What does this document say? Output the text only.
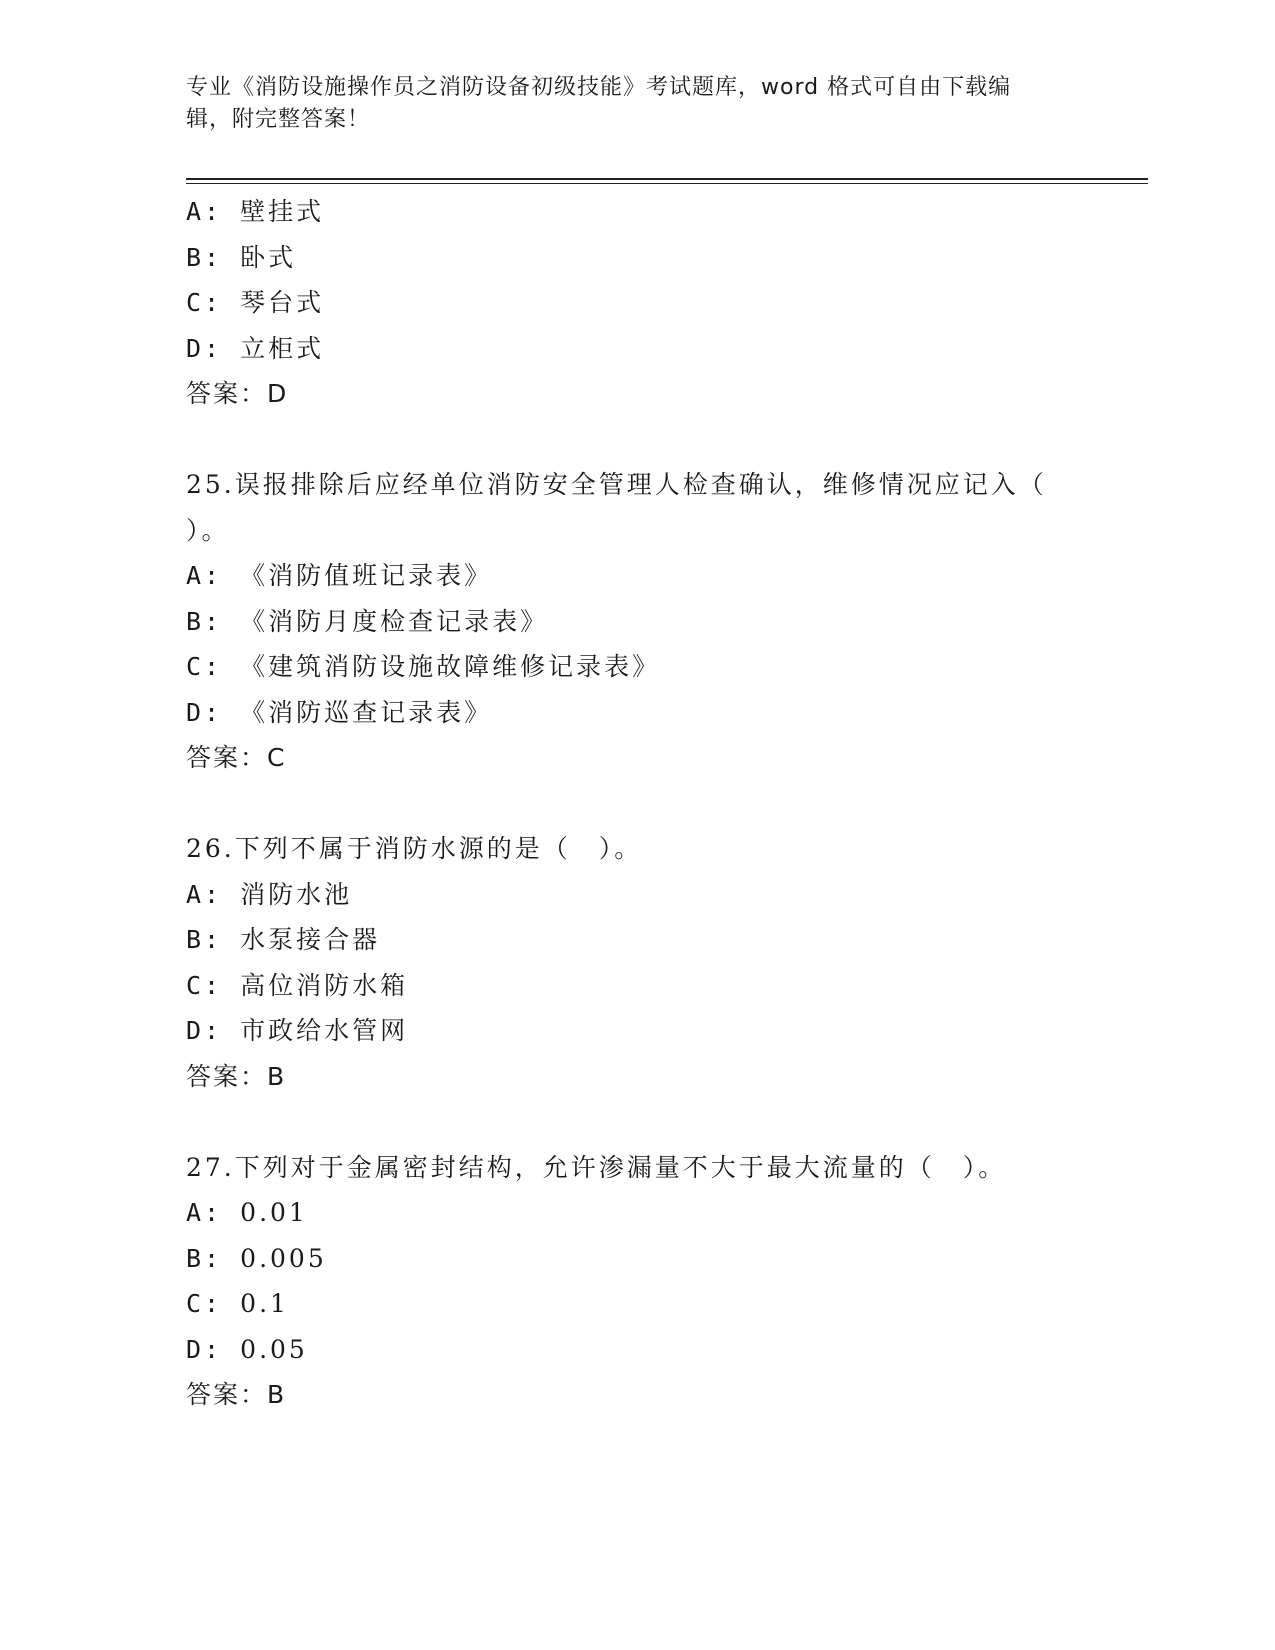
专业《消防设施操作员之消防设备初级技能》考试题库，word 格式可自由下载编
辑，附完整答案！
A: 壁挂式
B: 卧式
C: 琴台式
D: 立柜式
答案：D
25.误报排除后应经单位消防安全管理人检查确认，维修情况应记入（
）。
A: 《消防值班记录表》
B: 《消防月度检查记录表》
C: 《建筑消防设施故障维修记录表》
D: 《消防巡查记录表》
答案：C
26.下列不属于消防水源的是（　）。
A: 消防水池
B: 水泵接合器
C: 高位消防水箱
D: 市政给水管网
答案：B
27.下列对于金属密封结构，允许渗漏量不大于最大流量的（　）。
A: 0.01
B: 0.005
C: 0.1
D: 0.05
答案：B
